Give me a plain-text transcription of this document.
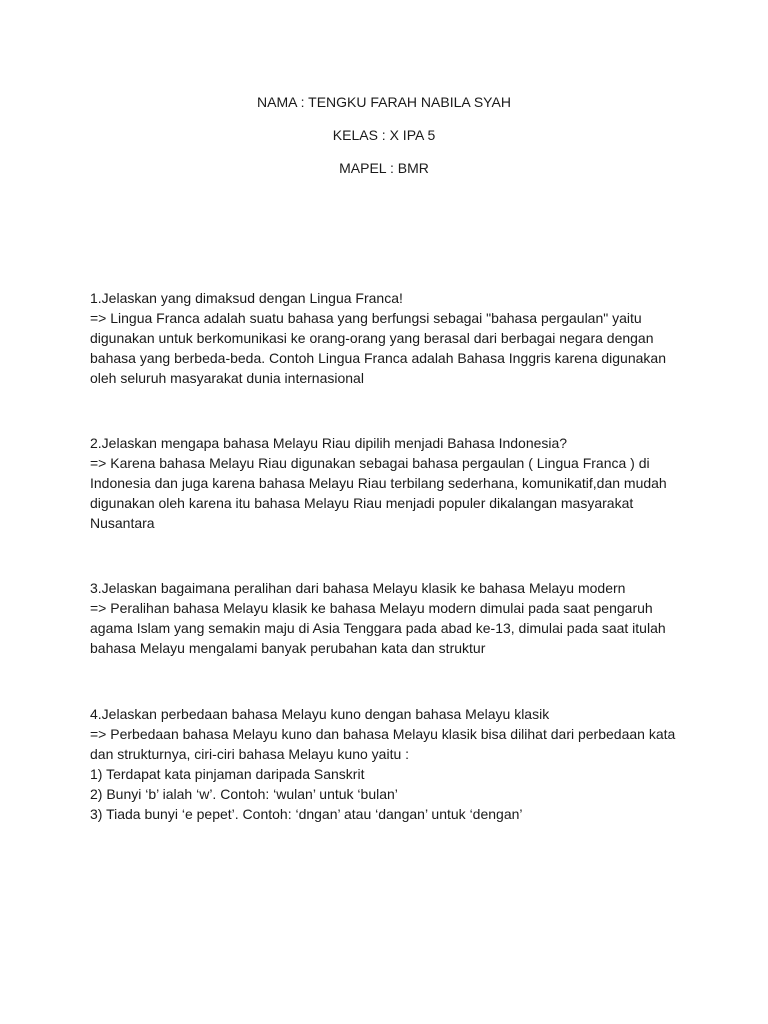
NAMA : TENGKU FARAH NABILA SYAH
KELAS : X IPA 5
MAPEL : BMR

1.Jelaskan yang dimaksud dengan Lingua Franca!

=> Lingua Franca adalah suatu bahasa yang berfungsi sebagai "bahasa pergaulan" yaitu digunakan untuk berkomunikasi ke orang-orang yang berasal dari berbagai negara dengan bahasa yang berbeda-beda. Contoh Lingua Franca adalah Bahasa Inggris karena digunakan oleh seluruh masyarakat dunia internasional

2.Jelaskan mengapa bahasa Melayu Riau dipilih menjadi Bahasa Indonesia?

=> Karena bahasa Melayu Riau digunakan sebagai bahasa pergaulan ( Lingua Franca ) di Indonesia dan juga karena bahasa Melayu Riau terbilang sederhana, komunikatif,dan mudah digunakan oleh karena itu bahasa Melayu Riau menjadi populer dikalangan masyarakat Nusantara

3.Jelaskan bagaimana peralihan dari bahasa Melayu klasik ke bahasa Melayu modern

=> Peralihan bahasa Melayu klasik ke bahasa Melayu modern dimulai pada saat pengaruh agama Islam yang semakin maju di Asia Tenggara pada abad ke-13, dimulai pada saat itulah bahasa Melayu mengalami banyak perubahan kata dan struktur

4.Jelaskan perbedaan bahasa Melayu kuno dengan bahasa Melayu klasik

=> Perbedaan bahasa Melayu kuno dan bahasa Melayu klasik bisa dilihat dari perbedaan kata dan strukturnya, ciri-ciri bahasa Melayu kuno yaitu :

1) Terdapat kata pinjaman daripada Sanskrit

2) Bunyi ‘b’ ialah ‘w’. Contoh: ‘wulan’ untuk ‘bulan’

3) Tiada bunyi ‘e pepet’. Contoh: ‘dngan’ atau ‘dangan’ untuk ‘dengan’
